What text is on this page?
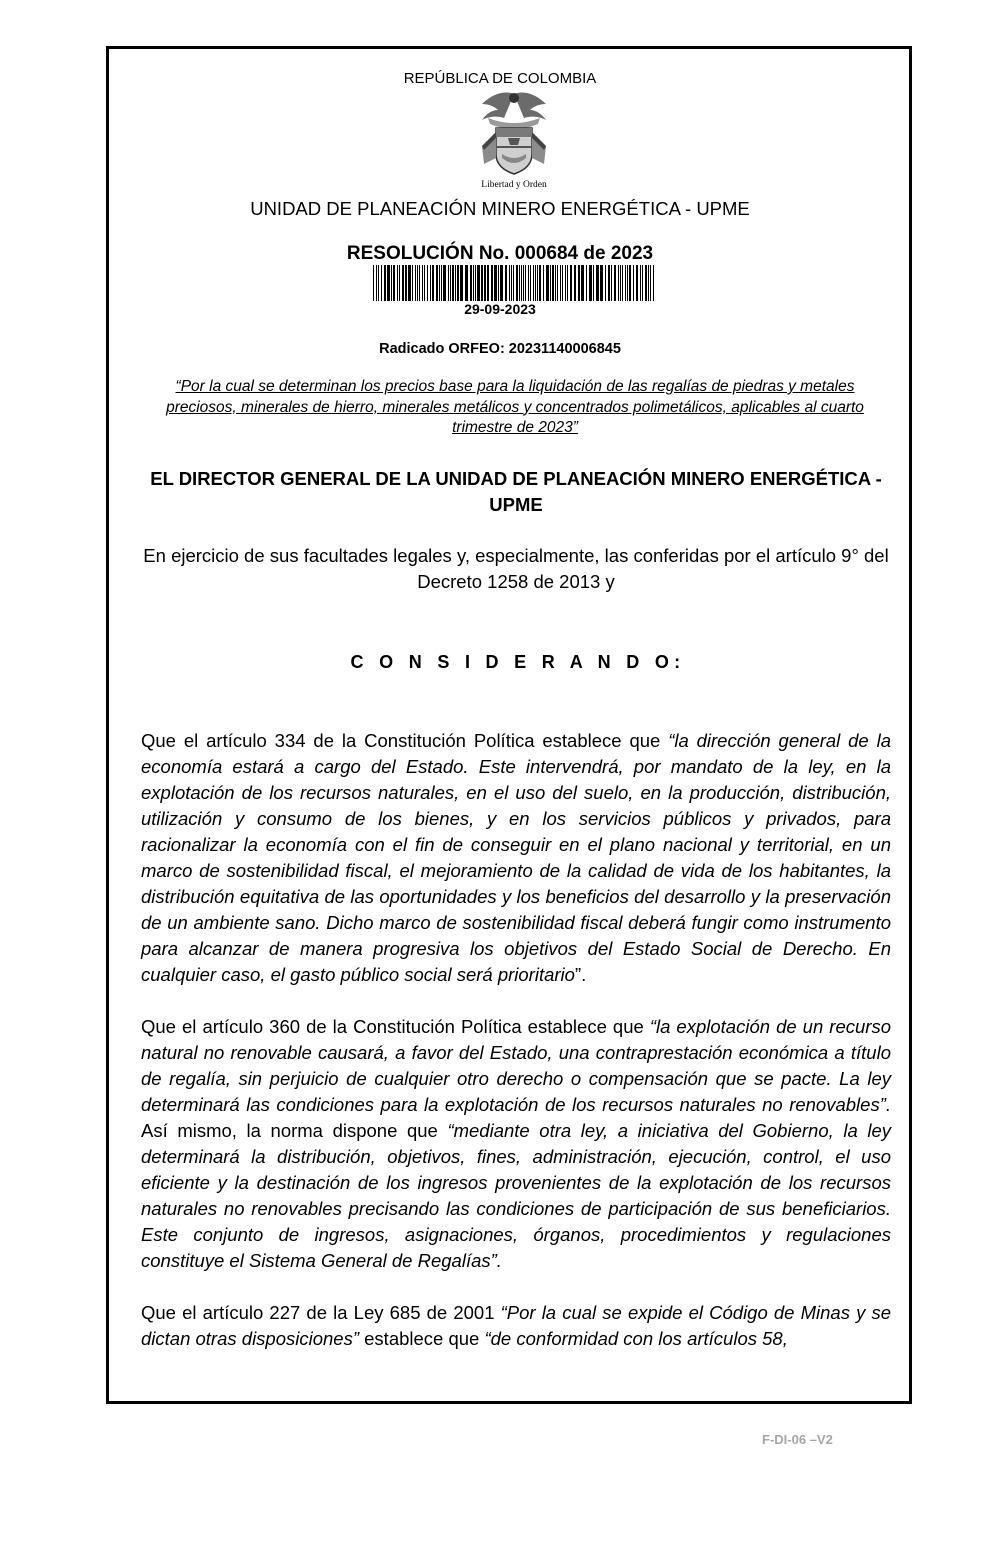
REPÚBLICA DE COLOMBIA
Libertad y Orden
UNIDAD DE PLANEACIÓN MINERO ENERGÉTICA - UPME
RESOLUCIÓN No. 000684 de 2023
29-09-2023
Radicado ORFEO: 20231140006845
“Por la cual se determinan los precios base para la liquidación de las regalías de piedras y metales preciosos, minerales de hierro, minerales metálicos y concentrados polimetálicos, aplicables al cuarto trimestre de 2023”
EL DIRECTOR GENERAL DE LA UNIDAD DE PLANEACIÓN MINERO ENERGÉTICA - UPME
En ejercicio de sus facultades legales y, especialmente, las conferidas por el artículo 9° del Decreto 1258 de 2013 y
C O N S I D E R A N D O:

Que el artículo 334 de la Constitución Política establece que “la dirección general de la economía estará a cargo del Estado. Este intervendrá, por mandato de la ley, en la explotación de los recursos naturales, en el uso del suelo, en la producción, distribución, utilización y consumo de los bienes, y en los servicios públicos y privados, para racionalizar la economía con el fin de conseguir en el plano nacional y territorial, en un marco de sostenibilidad fiscal, el mejoramiento de la calidad de vida de los habitantes, la distribución equitativa de las oportunidades y los beneficios del desarrollo y la preservación de un ambiente sano. Dicho marco de sostenibilidad fiscal deberá fungir como instrumento para alcanzar de manera progresiva los objetivos del Estado Social de Derecho. En cualquier caso, el gasto público social será prioritario”.

Que el artículo 360 de la Constitución Política establece que “la explotación de un recurso natural no renovable causará, a favor del Estado, una contraprestación económica a título de regalía, sin perjuicio de cualquier otro derecho o compensación que se pacte. La ley determinará las condiciones para la explotación de los recursos naturales no renovables”. Así mismo, la norma dispone que “mediante otra ley, a iniciativa del Gobierno, la ley determinará la distribución, objetivos, fines, administración, ejecución, control, el uso eficiente y la destinación de los ingresos provenientes de la explotación de los recursos naturales no renovables precisando las condiciones de participación de sus beneficiarios. Este conjunto de ingresos, asignaciones, órganos, procedimientos y regulaciones constituye el Sistema General de Regalías”.

Que el artículo 227 de la Ley 685 de 2001 “Por la cual se expide el Código de Minas y se dictan otras disposiciones” establece que “de conformidad con los artículos 58,

F-DI-06 –V2
